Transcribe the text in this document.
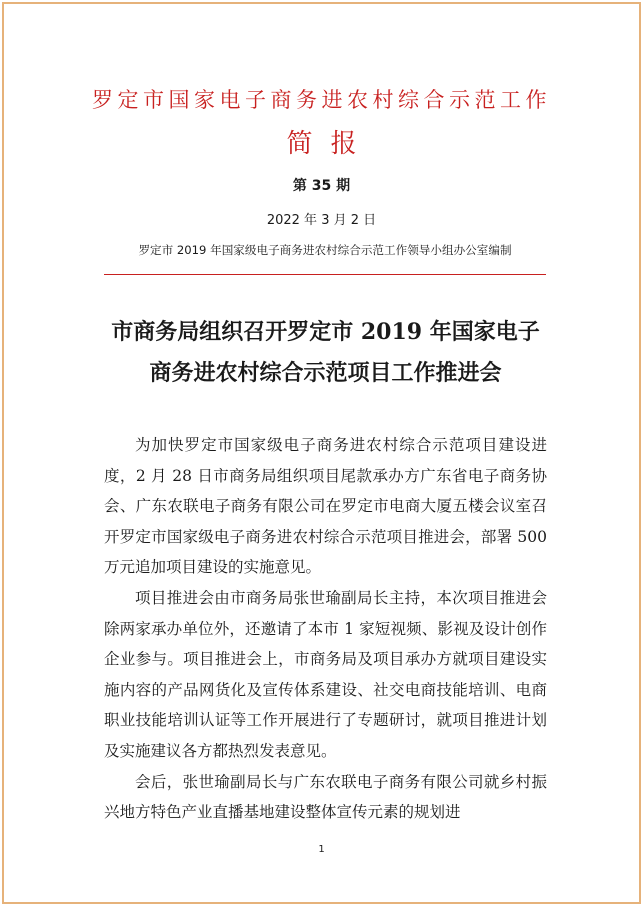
罗定市国家电子商务进农村综合示范工作
简报
第 35 期
2022 年 3 月 2 日
罗定市 2019 年国家级电子商务进农村综合示范工作领导小组办公室编制
市商务局组织召开罗定市 2019 年国家电子
商务进农村综合示范项目工作推进会

为加快罗定市国家级电子商务进农村综合示范项目建设进度，2 月 28 日市商务局组织项目尾款承办方广东省电子商务协会、广东农联电子商务有限公司在罗定市电商大厦五楼会议室召开罗定市国家级电子商务进农村综合示范项目推进会，部署 500 万元追加项目建设的实施意见。

项目推进会由市商务局张世瑜副局长主持，本次项目推进会除两家承办单位外，还邀请了本市 1 家短视频、影视及设计创作企业参与。项目推进会上，市商务局及项目承办方就项目建设实施内容的产品网货化及宣传体系建设、社交电商技能培训、电商职业技能培训认证等工作开展进行了专题研讨，就项目推进计划及实施建议各方都热烈发表意见。

会后，张世瑜副局长与广东农联电子商务有限公司就乡村振兴地方特色产业直播基地建设整体宣传元素的规划进

1
